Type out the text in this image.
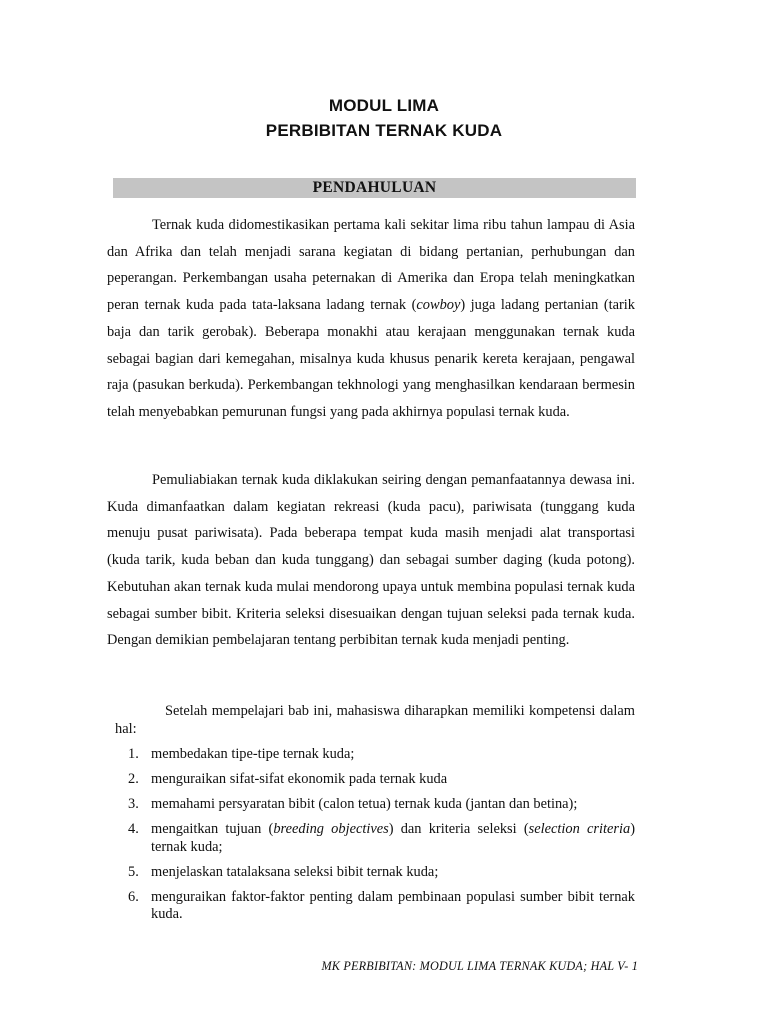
MODUL LIMA
PERBIBITAN TERNAK KUDA
PENDAHULUAN

Ternak kuda didomestikasikan pertama kali sekitar lima ribu tahun lampau di Asia dan Afrika dan telah menjadi sarana kegiatan di bidang pertanian, perhubungan dan peperangan. Perkembangan usaha peternakan di Amerika dan Eropa telah meningkatkan peran ternak kuda pada tata-laksana ladang ternak (cowboy) juga ladang pertanian (tarik baja dan tarik gerobak). Beberapa monakhi atau kerajaan menggunakan ternak kuda sebagai bagian dari kemegahan, misalnya kuda khusus penarik kereta kerajaan, pengawal raja (pasukan berkuda). Perkembangan tekhnologi yang menghasilkan kendaraan bermesin telah menyebabkan pemurunan fungsi yang pada akhirnya populasi ternak kuda.

Pemuliabiakan ternak kuda diklakukan seiring dengan pemanfaatannya dewasa ini. Kuda dimanfaatkan dalam kegiatan rekreasi (kuda pacu), pariwisata (tunggang kuda menuju pusat pariwisata). Pada beberapa tempat kuda masih menjadi alat transportasi (kuda tarik, kuda beban dan kuda tunggang) dan sebagai sumber daging (kuda potong). Kebutuhan akan ternak kuda mulai mendorong upaya untuk membina populasi ternak kuda sebagai sumber bibit. Kriteria seleksi disesuaikan dengan tujuan seleksi pada ternak kuda. Dengan demikian pembelajaran tentang perbibitan ternak kuda menjadi penting.

Setelah mempelajari bab ini, mahasiswa diharapkan memiliki kompetensi dalam hal:

1. membedakan tipe-tipe ternak kuda;
2. menguraikan sifat-sifat ekonomik pada ternak kuda
3. memahami persyaratan bibit (calon tetua) ternak kuda (jantan dan betina);
4. mengaitkan tujuan (breeding objectives) dan kriteria seleksi (selection criteria) ternak kuda;
5. menjelaskan tatalaksana seleksi bibit ternak kuda;
6. menguraikan faktor-faktor penting dalam pembinaan populasi sumber bibit ternak kuda.
MK PERBIBITAN: MODUL LIMA TERNAK KUDA; HAL V- 1
